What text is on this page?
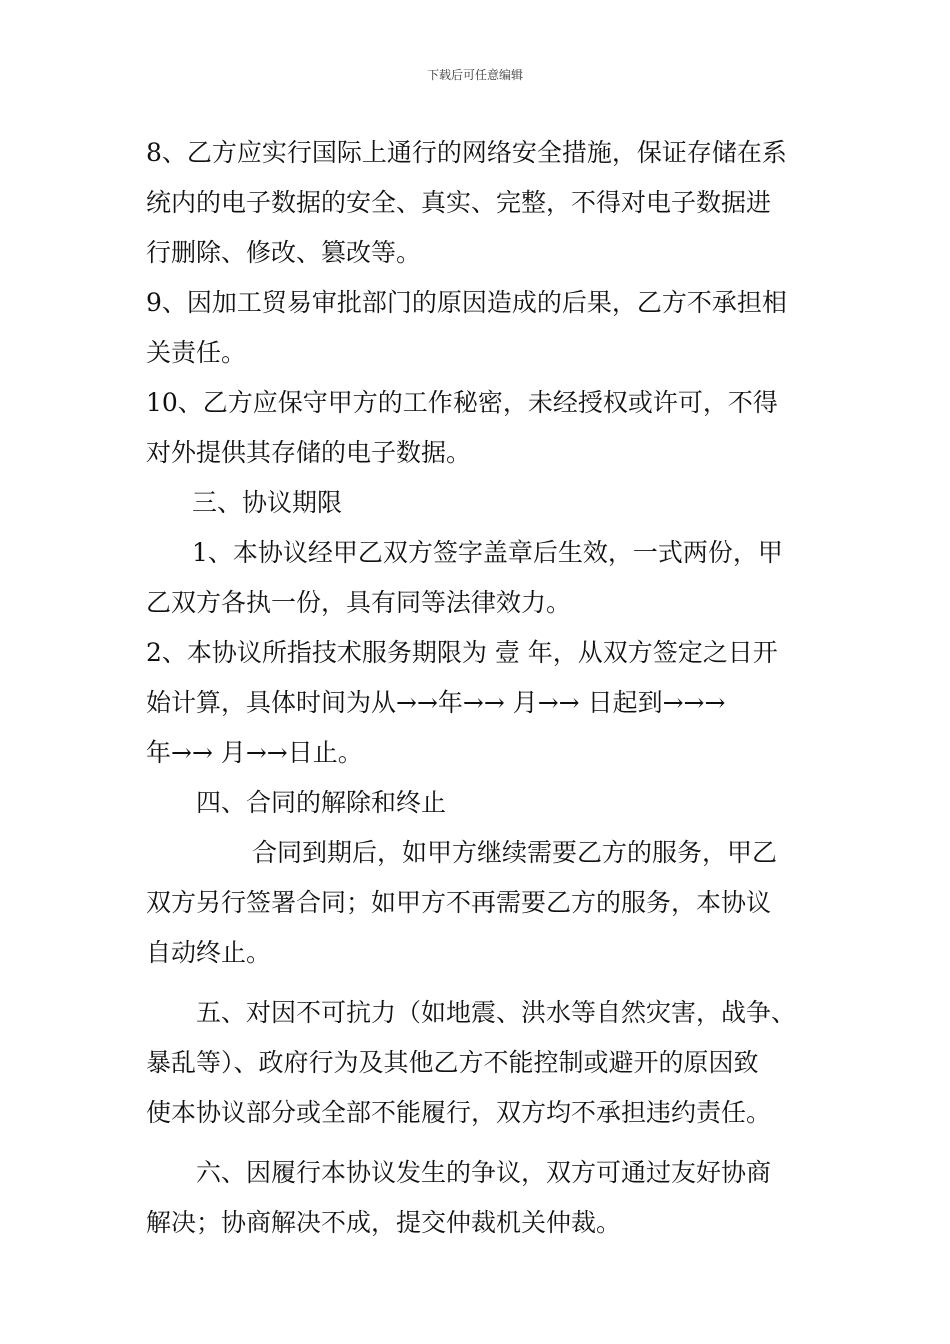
下载后可任意编辑
8、乙方应实行国际上通行的网络安全措施，保证存储在系
统内的电子数据的安全、真实、完整，不得对电子数据进
行删除、修改、篡改等。
9、因加工贸易审批部门的原因造成的后果，乙方不承担相
关责任。
10、乙方应保守甲方的工作秘密，未经授权或许可，不得
对外提供其存储的电子数据。
三、协议期限
1、本协议经甲乙双方签字盖章后生效，一式两份，甲
乙双方各执一份，具有同等法律效力。
2、本协议所指技术服务期限为 壹 年，从双方签定之日开
始计算，具体时间为从→→年→→ 月→→ 日起到→→→
年→→ 月→→日止。
四、合同的解除和终止
合同到期后，如甲方继续需要乙方的服务，甲乙
双方另行签署合同；如甲方不再需要乙方的服务，本协议
自动终止。
五、对因不可抗力（如地震、洪水等自然灾害，战争、
暴乱等）、政府行为及其他乙方不能控制或避开的原因致
使本协议部分或全部不能履行，双方均不承担违约责任。
六、因履行本协议发生的争议，双方可通过友好协商
解决；协商解决不成，提交仲裁机关仲裁。
